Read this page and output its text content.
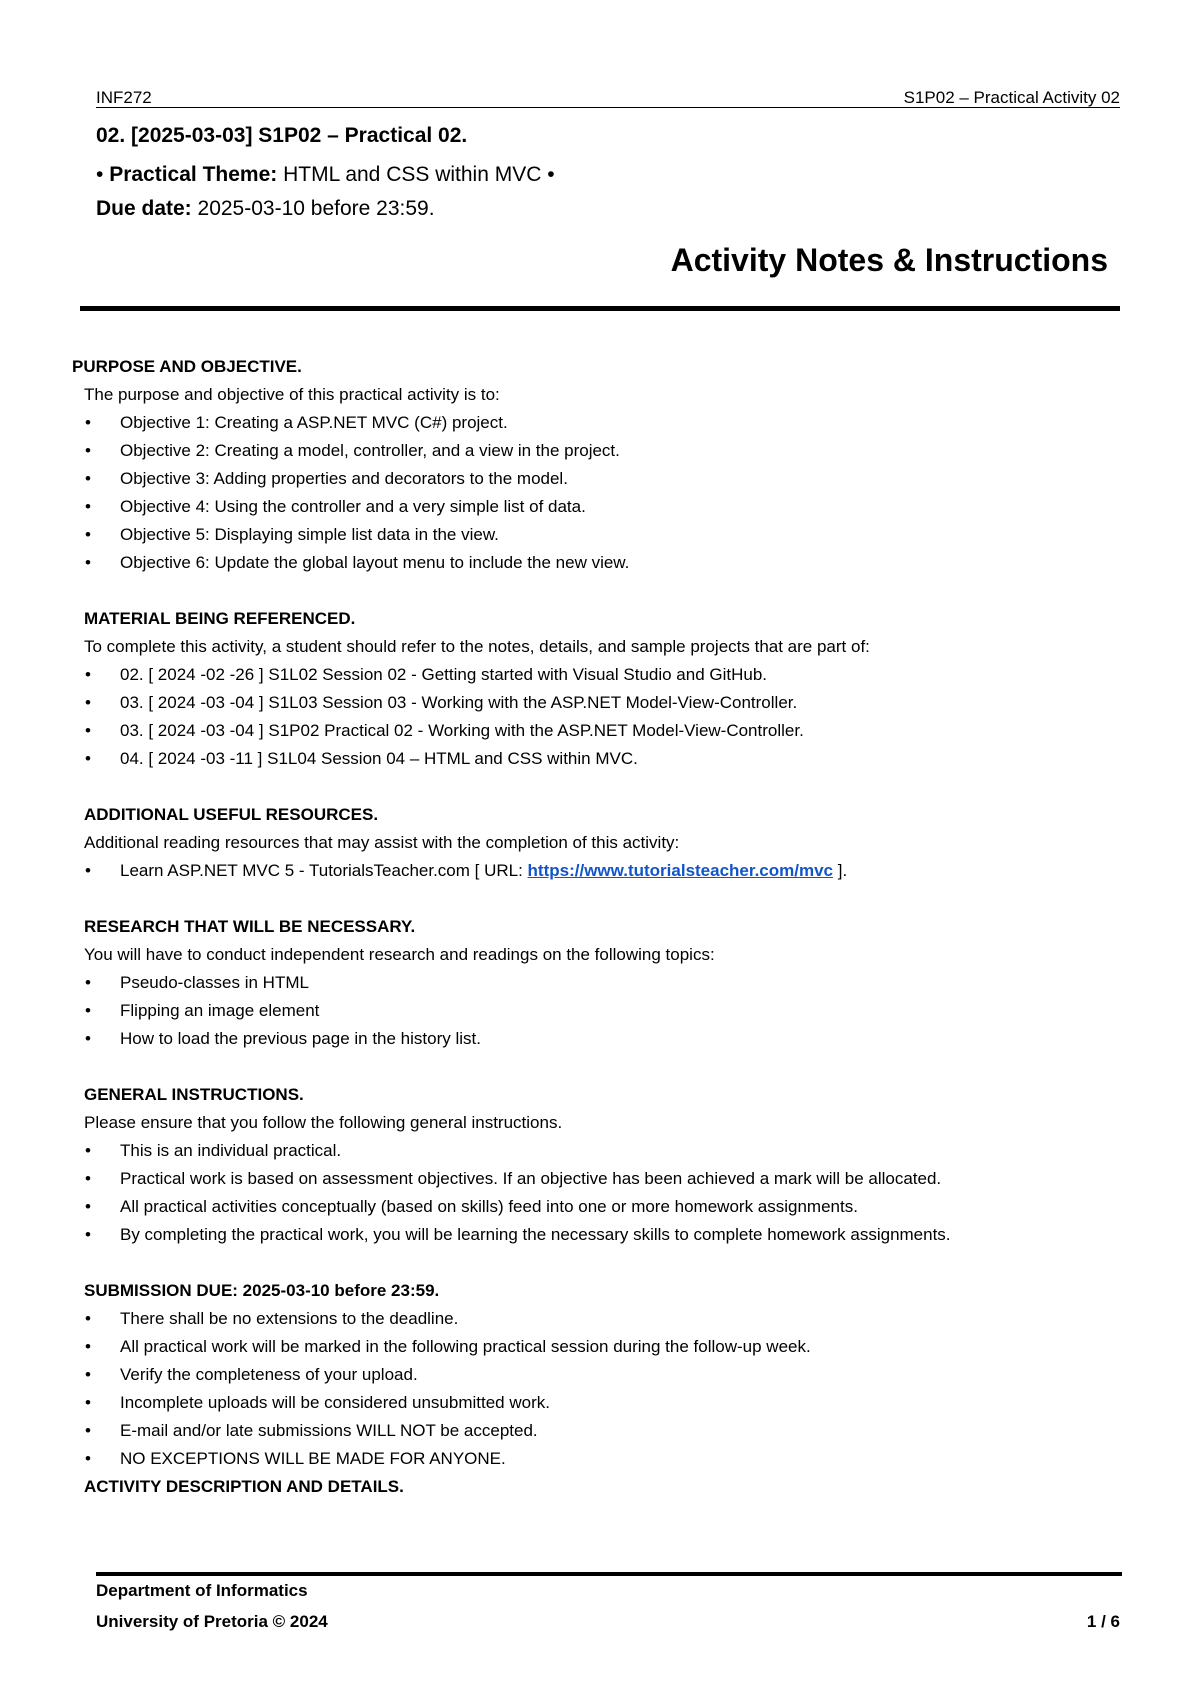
INF272	S1P02 – Practical Activity 02
02. [2025-03-03] S1P02 – Practical 02.
• Practical Theme: HTML and CSS within MVC •
Due date: 2025-03-10 before 23:59.
Activity Notes & Instructions
PURPOSE AND OBJECTIVE.
The purpose and objective of this practical activity is to:
• Objective 1: Creating a ASP.NET MVC (C#) project.
• Objective 2: Creating a model, controller, and a view in the project.
• Objective 3: Adding properties and decorators to the model.
• Objective 4: Using the controller and a very simple list of data.
• Objective 5: Displaying simple list data in the view.
• Objective 6: Update the global layout menu to include the new view.
MATERIAL BEING REFERENCED.
To complete this activity, a student should refer to the notes, details, and sample projects that are part of:
• 02. [ 2024 -02 -26 ] S1L02 Session 02 - Getting started with Visual Studio and GitHub.
• 03. [ 2024 -03 -04 ] S1L03 Session 03 - Working with the ASP.NET Model-View-Controller.
• 03. [ 2024 -03 -04 ] S1P02 Practical 02 - Working with the ASP.NET Model-View-Controller.
• 04. [ 2024 -03 -11 ] S1L04 Session 04 – HTML and CSS within MVC.
ADDITIONAL USEFUL RESOURCES.
Additional reading resources that may assist with the completion of this activity:
• Learn ASP.NET MVC 5 - TutorialsTeacher.com [ URL: https://www.tutorialsteacher.com/mvc ].
RESEARCH THAT WILL BE NECESSARY.
You will have to conduct independent research and readings on the following topics:
• Pseudo-classes in HTML
• Flipping an image element
• How to load the previous page in the history list.
GENERAL INSTRUCTIONS.
Please ensure that you follow the following general instructions.
• This is an individual practical.
• Practical work is based on assessment objectives. If an objective has been achieved a mark will be allocated.
• All practical activities conceptually (based on skills) feed into one or more homework assignments.
• By completing the practical work, you will be learning the necessary skills to complete homework assignments.
SUBMISSION DUE: 2025-03-10 before 23:59.
• There shall be no extensions to the deadline.
• All practical work will be marked in the following practical session during the follow-up week.
• Verify the completeness of your upload.
• Incomplete uploads will be considered unsubmitted work.
• E-mail and/or late submissions WILL NOT be accepted.
• NO EXCEPTIONS WILL BE MADE FOR ANYONE.
ACTIVITY DESCRIPTION AND DETAILS.
Department of Informatics
University of Pretoria © 2024	1 / 6
